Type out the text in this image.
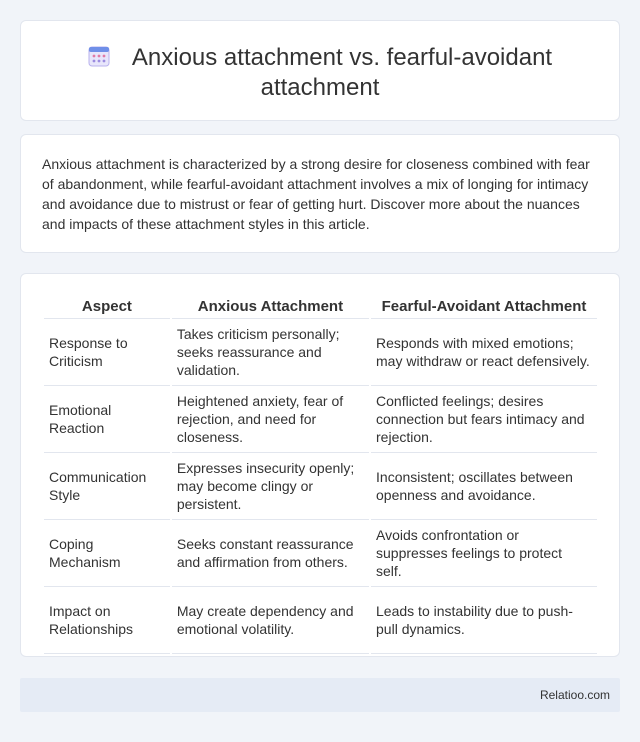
Anxious attachment vs. fearful-avoidant attachment

Anxious attachment is characterized by a strong desire for closeness combined with fear of abandonment, while fearful-avoidant attachment involves a mix of longing for intimacy and avoidance due to mistrust or fear of getting hurt. Discover more about the nuances and impacts of these attachment styles in this article.

Aspect	Anxious Attachment	Fearful-Avoidant Attachment
Response to Criticism	Takes criticism personally; seeks reassurance and validation.	Responds with mixed emotions; may withdraw or react defensively.
Emotional Reaction	Heightened anxiety, fear of rejection, and need for closeness.	Conflicted feelings; desires connection but fears intimacy and rejection.
Communication Style	Expresses insecurity openly; may become clingy or persistent.	Inconsistent; oscillates between openness and avoidance.
Coping Mechanism	Seeks constant reassurance and affirmation from others.	Avoids confrontation or suppresses feelings to protect self.
Impact on Relationships	May create dependency and emotional volatility.	Leads to instability due to push-pull dynamics.
Relatioo.com
